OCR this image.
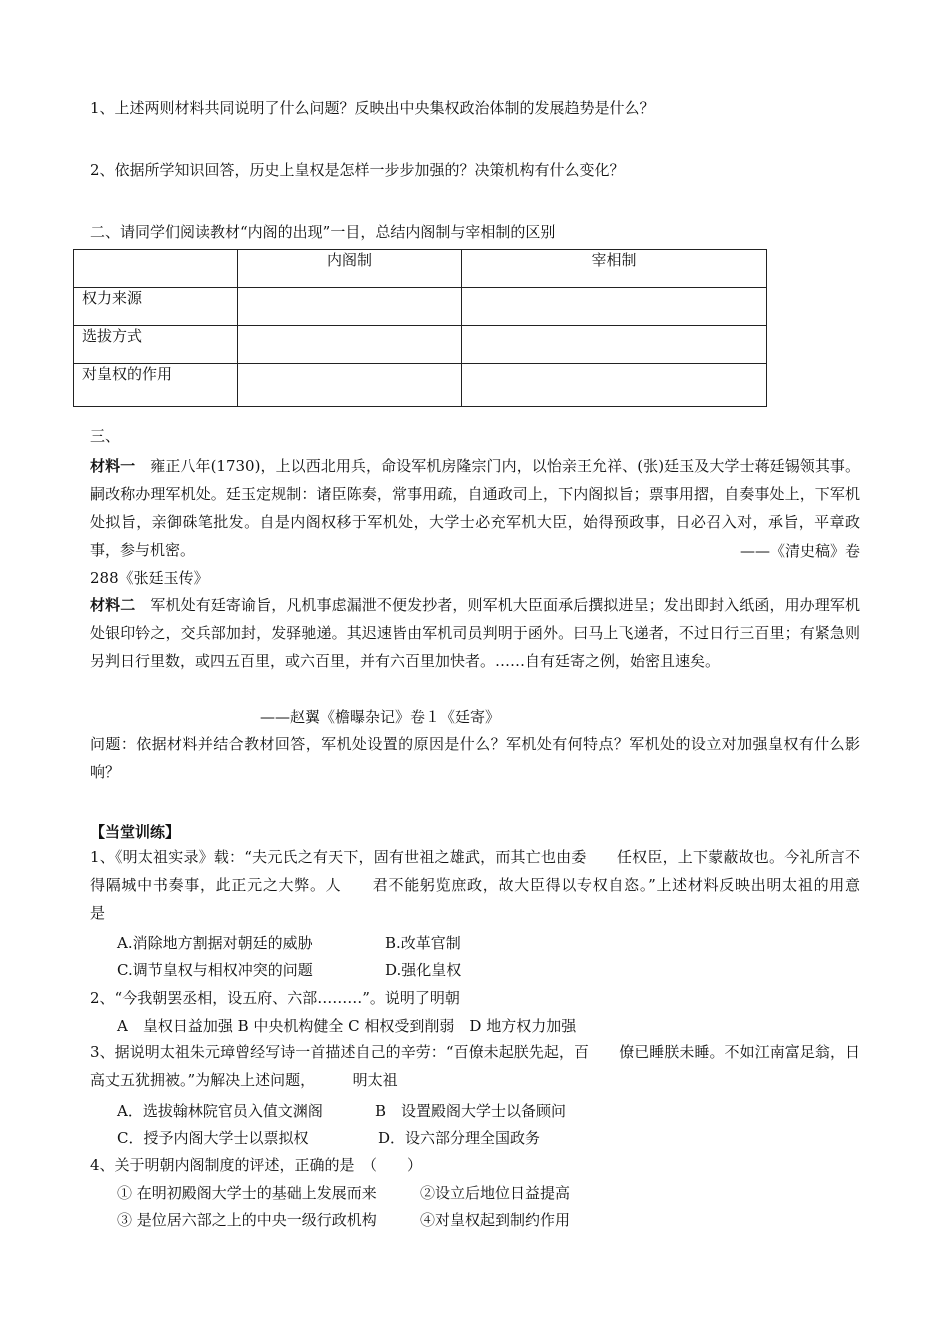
1、上述两则材料共同说明了什么问题？反映出中央集权政治体制的发展趋势是什么？
2、依据所学知识回答，历史上皇权是怎样一步步加强的？决策机构有什么变化？
二、请同学们阅读教材“内阁的出现”一目，总结内阁制与宰相制的区别
	内阁制	宰相制
权力来源		
选拔方式		
对皇权的作用		
三、
材料一　 雍正八年(1730)，上以西北用兵，命设军机房隆宗门内，以怡亲王允祥、(张)廷玉及大学士蒋廷锡领其事。嗣改称办理军机处。廷玉定规制：诸臣陈奏，常事用疏，自通政司上，下内阁拟旨；票事用摺，自奏事处上，下军机处拟旨，亲御硃笔批发。自是内阁权移于军机处，大学士必充军机大臣，始得预政事，日必召入对，承旨，平章政事，参与机密。	——《清史稿》卷
288《张廷玉传》
材料二　 军机处有廷寄谕旨，凡机事虑漏泄不便发抄者，则军机大臣面承后撰拟进呈；发出即封入纸函，用办理军机处银印钤之，交兵部加封，发驿驰递。其迟速皆由军机司员判明于函外。曰马上飞递者，不过日行三百里；有紧急则另判日行里数，或四五百里，或六百里，并有六百里加快者。……自有廷寄之例，始密且速矣。
——赵翼《檐曝杂记》卷１《廷寄》
问题：依据材料并结合教材回答，军机处设置的原因是什么？军机处有何特点？军机处的设立对加强皇权有什么影响？
【当堂训练】
1、《明太祖实录》载：“夫元氏之有天下，固有世祖之雄武，而其亡也由委　　任权臣，上下蒙蔽故也。今礼所言不得隔城中书奏事，此正元之大弊。人　　君不能躬览庶政，故大臣得以专权自恣。”上述材料反映出明太祖的用意　　是
A.消除地方割据对朝廷的威胁	B.改革官制
C.调节皇权与相权冲突的问题	D.强化皇权
2、“今我朝罢丞相，设五府、六部………”。说明了明朝
A　皇权日益加强 B 中央机构健全 C 相权受到削弱　D 地方权力加强
3、据说明太祖朱元璋曾经写诗一首描述自己的辛劳：“百僚未起朕先起，百　　僚已睡朕未睡。不如江南富足翁，日高丈五犹拥被。”为解决上述问题，　　　明太祖
A．选拔翰林院官员入值文渊阁	B　设置殿阁大学士以备顾问
C．授予内阁大学士以票拟权	D．设六部分理全国政务
4、关于明朝内阁制度的评述，正确的是　（　　）
① 在明初殿阁大学士的基础上发展而来	②设立后地位日益提高
③ 是位居六部之上的中央一级行政机构	④对皇权起到制约作用
